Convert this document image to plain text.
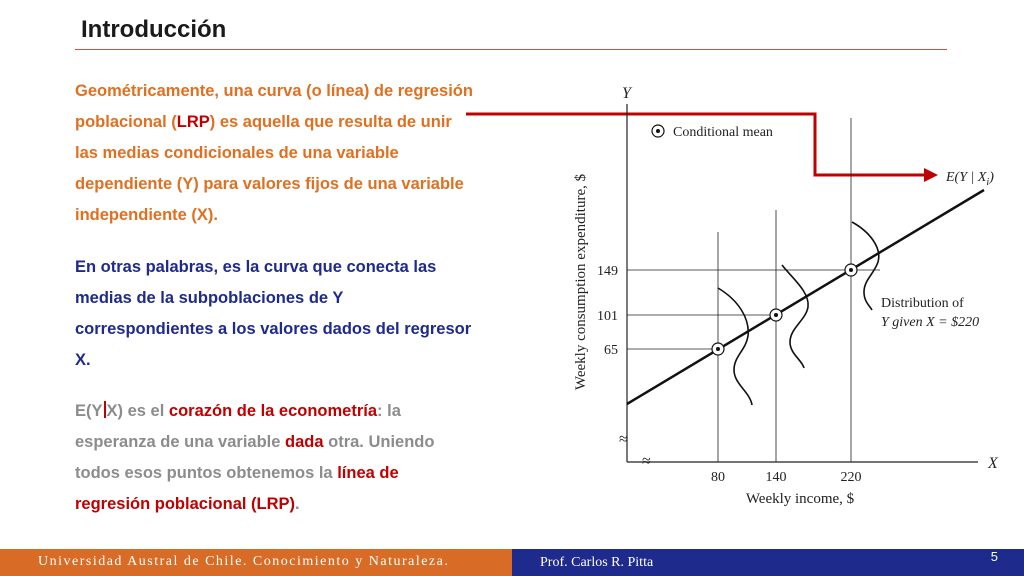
Introducción
Geométricamente, una curva (o línea) de regresión poblacional (LRP) es aquella que resulta de unir las medias condicionales de una variable dependiente (Y) para valores fijos de una variable independiente (X).
En otras palabras, es la curva que conecta las medias de la subpoblaciones de Y correspondientes a los valores dados del regresor X.
E(Y X) es el corazón de la econometría: la esperanza de una variable dada otra. Uniendo todos esos puntos obtenemos la línea de regresión poblacional (LRP).
Y
X
≈
≈
Conditional mean
E(Y | $X_i$)
Distribution of
Y given X = $220
149
101
65
80	140	220
Weekly income, $
Weekly consumption expenditure, $
Universidad Austral de Chile. Conocimiento y Naturaleza.	Prof. Carlos R. Pitta	5
